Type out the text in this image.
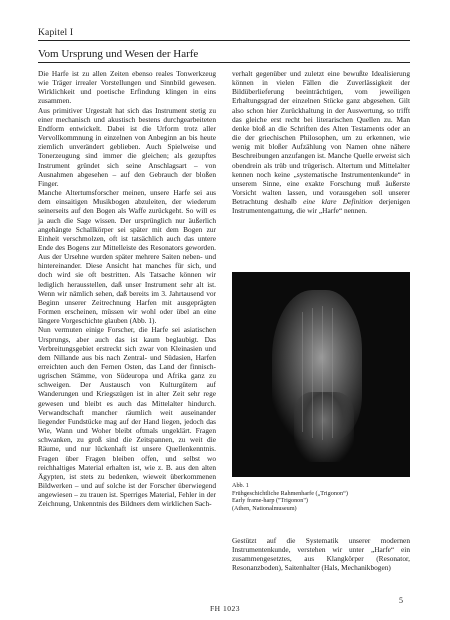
Kapitel I
Vom Ursprung und Wesen der Harfe

Die Harfe ist zu allen Zeiten ebenso reales Tonwerkzeug wie Träger irrealer Vorstellungen und Sinnbild gewesen. Wirklichkeit und poetische Erfindung klingen in eins zusammen.

Aus primitiver Urgestalt hat sich das Instrument stetig zu einer mechanisch und akustisch bestens durchgearbeiteten Endform entwickelt. Dabei ist die Urform trotz aller Vervollkommnung in einzelnen von Anbeginn an bis heute ziemlich unverändert geblieben. Auch Spielweise und Tonerzeugung sind immer die gleichen; als gezupftes Instrument gründet sich seine Anschlagsart – von Ausnahmen abgesehen – auf den Gebrauch der bloßen Finger.

Manche Altertumsforscher meinen, unsere Harfe sei aus dem einsaitigen Musikbogen abzuleiten, der wiederum seinerseits auf den Bogen als Waffe zurückgeht. So will es ja auch die Sage wissen. Der ursprünglich nur äußerlich angehängte Schallkörper sei später mit dem Bogen zur Einheit verschmolzen, oft ist tatsächlich auch das untere Ende des Bogens zur Mittelleiste des Resonators geworden. Aus der Ursehne wurden später mehrere Saiten neben- und hintereinander. Diese Ansicht hat manches für sich, und doch wird sie oft bestritten. Als Tatsache können wir lediglich herausstellen, daß unser Instrument sehr alt ist. Wenn wir nämlich sehen, daß bereits im 3. Jahrtausend vor Beginn unserer Zeitrechnung Harfen mit ausgeprägten Formen erscheinen, müssen wir wohl oder übel an eine längere Vorgeschichte glauben (Abb. 1).

Nun vermuten einige Forscher, die Harfe sei asiatischen Ursprungs, aber auch das ist kaum beglaubigt. Das Verbreitungsgebiet erstreckt sich zwar von Kleinasien und dem Nillande aus bis nach Zentral- und Südasien, Harfen erreichten auch den Fernen Osten, das Land der finnisch-ugrischen Stämme, von Südeuropa und Afrika ganz zu schweigen. Der Austausch von Kulturgütern auf Wanderungen und Kriegszügen ist in alter Zeit sehr rege gewesen und bleibt es auch das Mittelalter hindurch. Verwandtschaft mancher räumlich weit auseinander liegender Fundstücke mag auf der Hand liegen, jedoch das Wie, Wann und Woher bleibt oftmals ungeklärt. Fragen schwanken, zu groß sind die Zeitspannen, zu weit die Räume, und nur lückenhaft ist unsere Quellenkenntnis. Fragen über Fragen bleiben offen, und selbst wo reichhaltiges Material erhalten ist, wie z. B. aus den alten Ägypten, ist stets zu bedenken, wieweit überkommenen Bildwerken – und auf solche ist der Forscher überwiegend angewiesen – zu trauen ist. Sperriges Material, Fehler in der Zeichnung, Unkenntnis des Bildners dem wirklichen Sach-

verhalt gegenüber und zuletzt eine bewußte Idealisierung können in vielen Fällen die Zuverlässigkeit der Bildüberlieferung beeinträchtigen, vom jeweiligen Erhaltungsgrad der einzelnen Stücke ganz abgesehen. Gilt also schon hier Zurückhaltung in der Auswertung, so trifft das gleiche erst recht bei literarischen Quellen zu. Man denke bloß an die Schriften des Alten Testaments oder an die der griechischen Philosophen, um zu erkennen, wie wenig mit bloßer Aufzählung von Namen ohne nähere Beschreibungen anzufangen ist. Manche Quelle erweist sich obendrein als trüb und trügerisch. Altertum und Mittelalter kennen noch keine „systematische Instrumentenkunde“ in unserem Sinne, eine exakte Forschung muß äußerste Vorsicht walten lassen, und vorausgehen soll unserer Betrachtung deshalb eine klare Definition derjenigen Instrumentengattung, die wir „Harfe“ nennen.

Abb. 1
Frühgeschichtliche Rahmenharfe („Trigonon“)
Early frame-harp ("Trigonon")
(Athen, Nationalmuseum)

Gestützt auf die Systematik unserer modernen Instrumentenkunde, verstehen wir unter „Harfe“ ein zusammengesetztes, aus Klangkörper (Resonator, Resonanzboden), Saitenhalter (Hals, Mechanikbogen)

5
FH 1023
